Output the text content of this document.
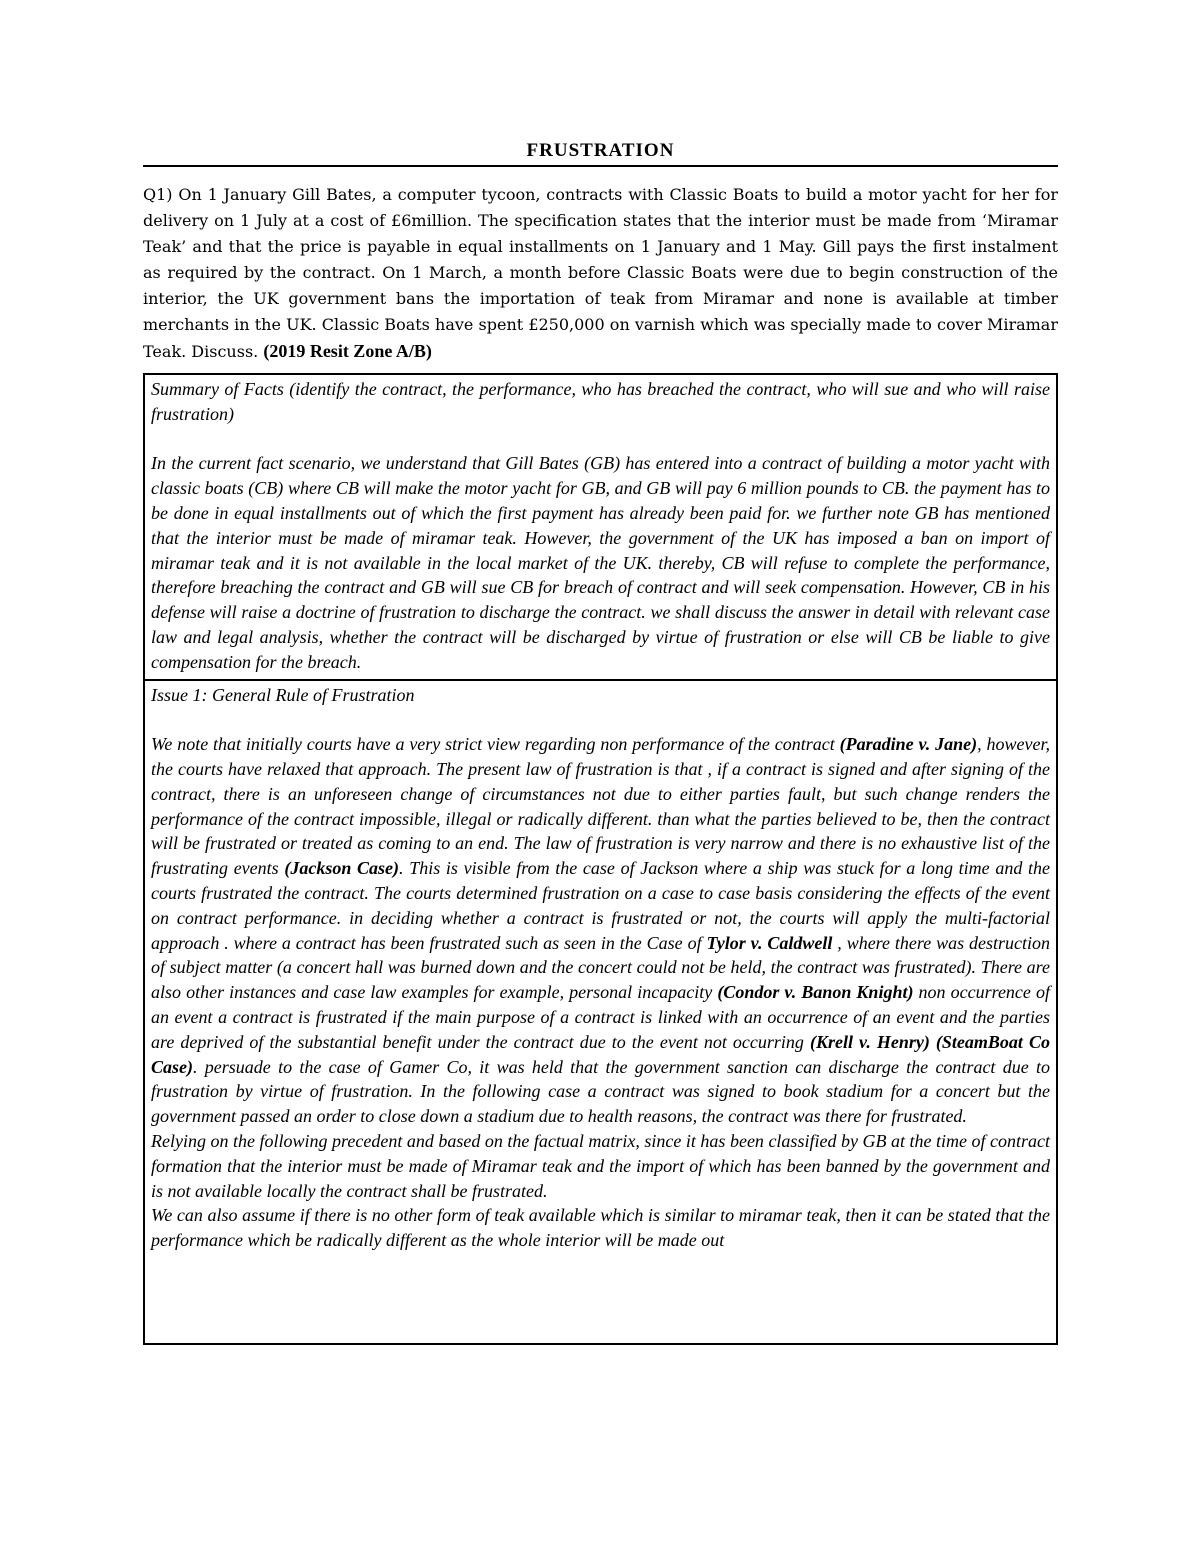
FRUSTRATION

Q1) On 1 January Gill Bates, a computer tycoon, contracts with Classic Boats to build a motor yacht for her for delivery on 1 July at a cost of £6million. The specification states that the interior must be made from ‘Miramar Teak’ and that the price is payable in equal installments on 1 January and 1 May. Gill pays the first instalment as required by the contract. On 1 March, a month before Classic Boats were due to begin construction of the interior, the UK government bans the importation of teak from Miramar and none is available at timber merchants in the UK. Classic Boats have spent £250,000 on varnish which was specially made to cover Miramar Teak. Discuss. (2019 Resit Zone A/B)

Summary of Facts (identify the contract, the performance, who has breached the contract, who will sue and who will raise frustration)

In the current fact scenario, we understand that Gill Bates (GB) has entered into a contract of building a motor yacht with classic boats (CB) where CB will make the motor yacht for GB, and GB will pay 6 million pounds to CB. the payment has to be done in equal installments out of which the first payment has already been paid for. we further note GB has mentioned that the interior must be made of miramar teak. However, the government of the UK has imposed a ban on import of miramar teak and it is not available in the local market of the UK. thereby, CB will refuse to complete the performance, therefore breaching the contract and GB will sue CB for breach of contract and will seek compensation. However, CB in his defense will raise a doctrine of frustration to discharge the contract. we shall discuss the answer in detail with relevant case law and legal analysis, whether the contract will be discharged by virtue of frustration or else will CB be liable to give compensation for the breach.

Issue 1: General Rule of Frustration

We note that initially courts have a very strict view regarding non performance of the contract (Paradine v. Jane), however, the courts have relaxed that approach. The present law of frustration is that , if a contract is signed and after signing of the contract, there is an unforeseen change of circumstances not due to either parties fault, but such change renders the performance of the contract impossible, illegal or radically different. than what the parties believed to be, then the contract will be frustrated or treated as coming to an end. The law of frustration is very narrow and there is no exhaustive list of the frustrating events (Jackson Case). This is visible from the case of Jackson where a ship was stuck for a long time and the courts frustrated the contract. The courts determined frustration on a case to case basis considering the effects of the event on contract performance. in deciding whether a contract is frustrated or not, the courts will apply the multi-factorial approach . where a contract has been frustrated such as seen in the Case of Tylor v. Caldwell , where there was destruction of subject matter (a concert hall was burned down and the concert could not be held, the contract was frustrated). There are also other instances and case law examples for example, personal incapacity (Condor v. Banon Knight) non occurrence of an event a contract is frustrated if the main purpose of a contract is linked with an occurrence of an event and the parties are deprived of the substantial benefit under the contract due to the event not occurring (Krell v. Henry) (SteamBoat Co Case). persuade to the case of Gamer Co, it was held that the government sanction can discharge the contract due to frustration by virtue of frustration. In the following case a contract was signed to book stadium for a concert but the government passed an order to close down a stadium due to health reasons, the contract was there for frustrated.

Relying on the following precedent and based on the factual matrix, since it has been classified by GB at the time of contract formation that the interior must be made of Miramar teak and the import of which has been banned by the government and is not available locally the contract shall be frustrated.

We can also assume if there is no other form of teak available which is similar to miramar teak, then it can be stated that the performance which be radically different as the whole interior will be made out
